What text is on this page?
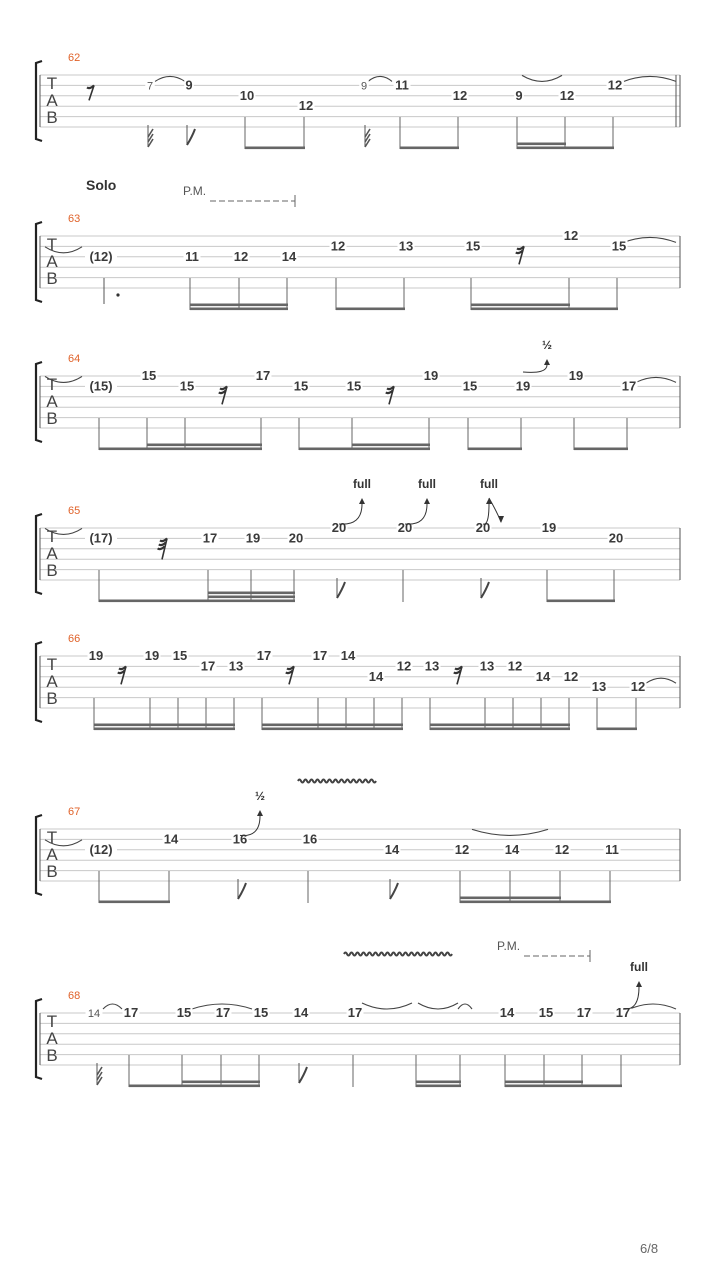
T
A
B
62
7 9
10
12
9 11
12	9	12
12
T
A
B
63
Solo	P.M.
(12)	11	12	14
12	13	15
12
15
T
A
B
64
(15)
15
15
17
15	15
19
15	19
19
17
½
T
A
B
65
(17)	17 19 20
20	20	20	19
20
full	full	full
T
A
B
66
19	19 15
17 13
17	17 14
14
12 13	13 12
14 12
13 12
T
A
B
67
(12)
14	16	16
14	12	14	12	11
½
T
A
B
68
P.M.
14 17	15 17 15 14	17	14 15 17 17
full
6/8
